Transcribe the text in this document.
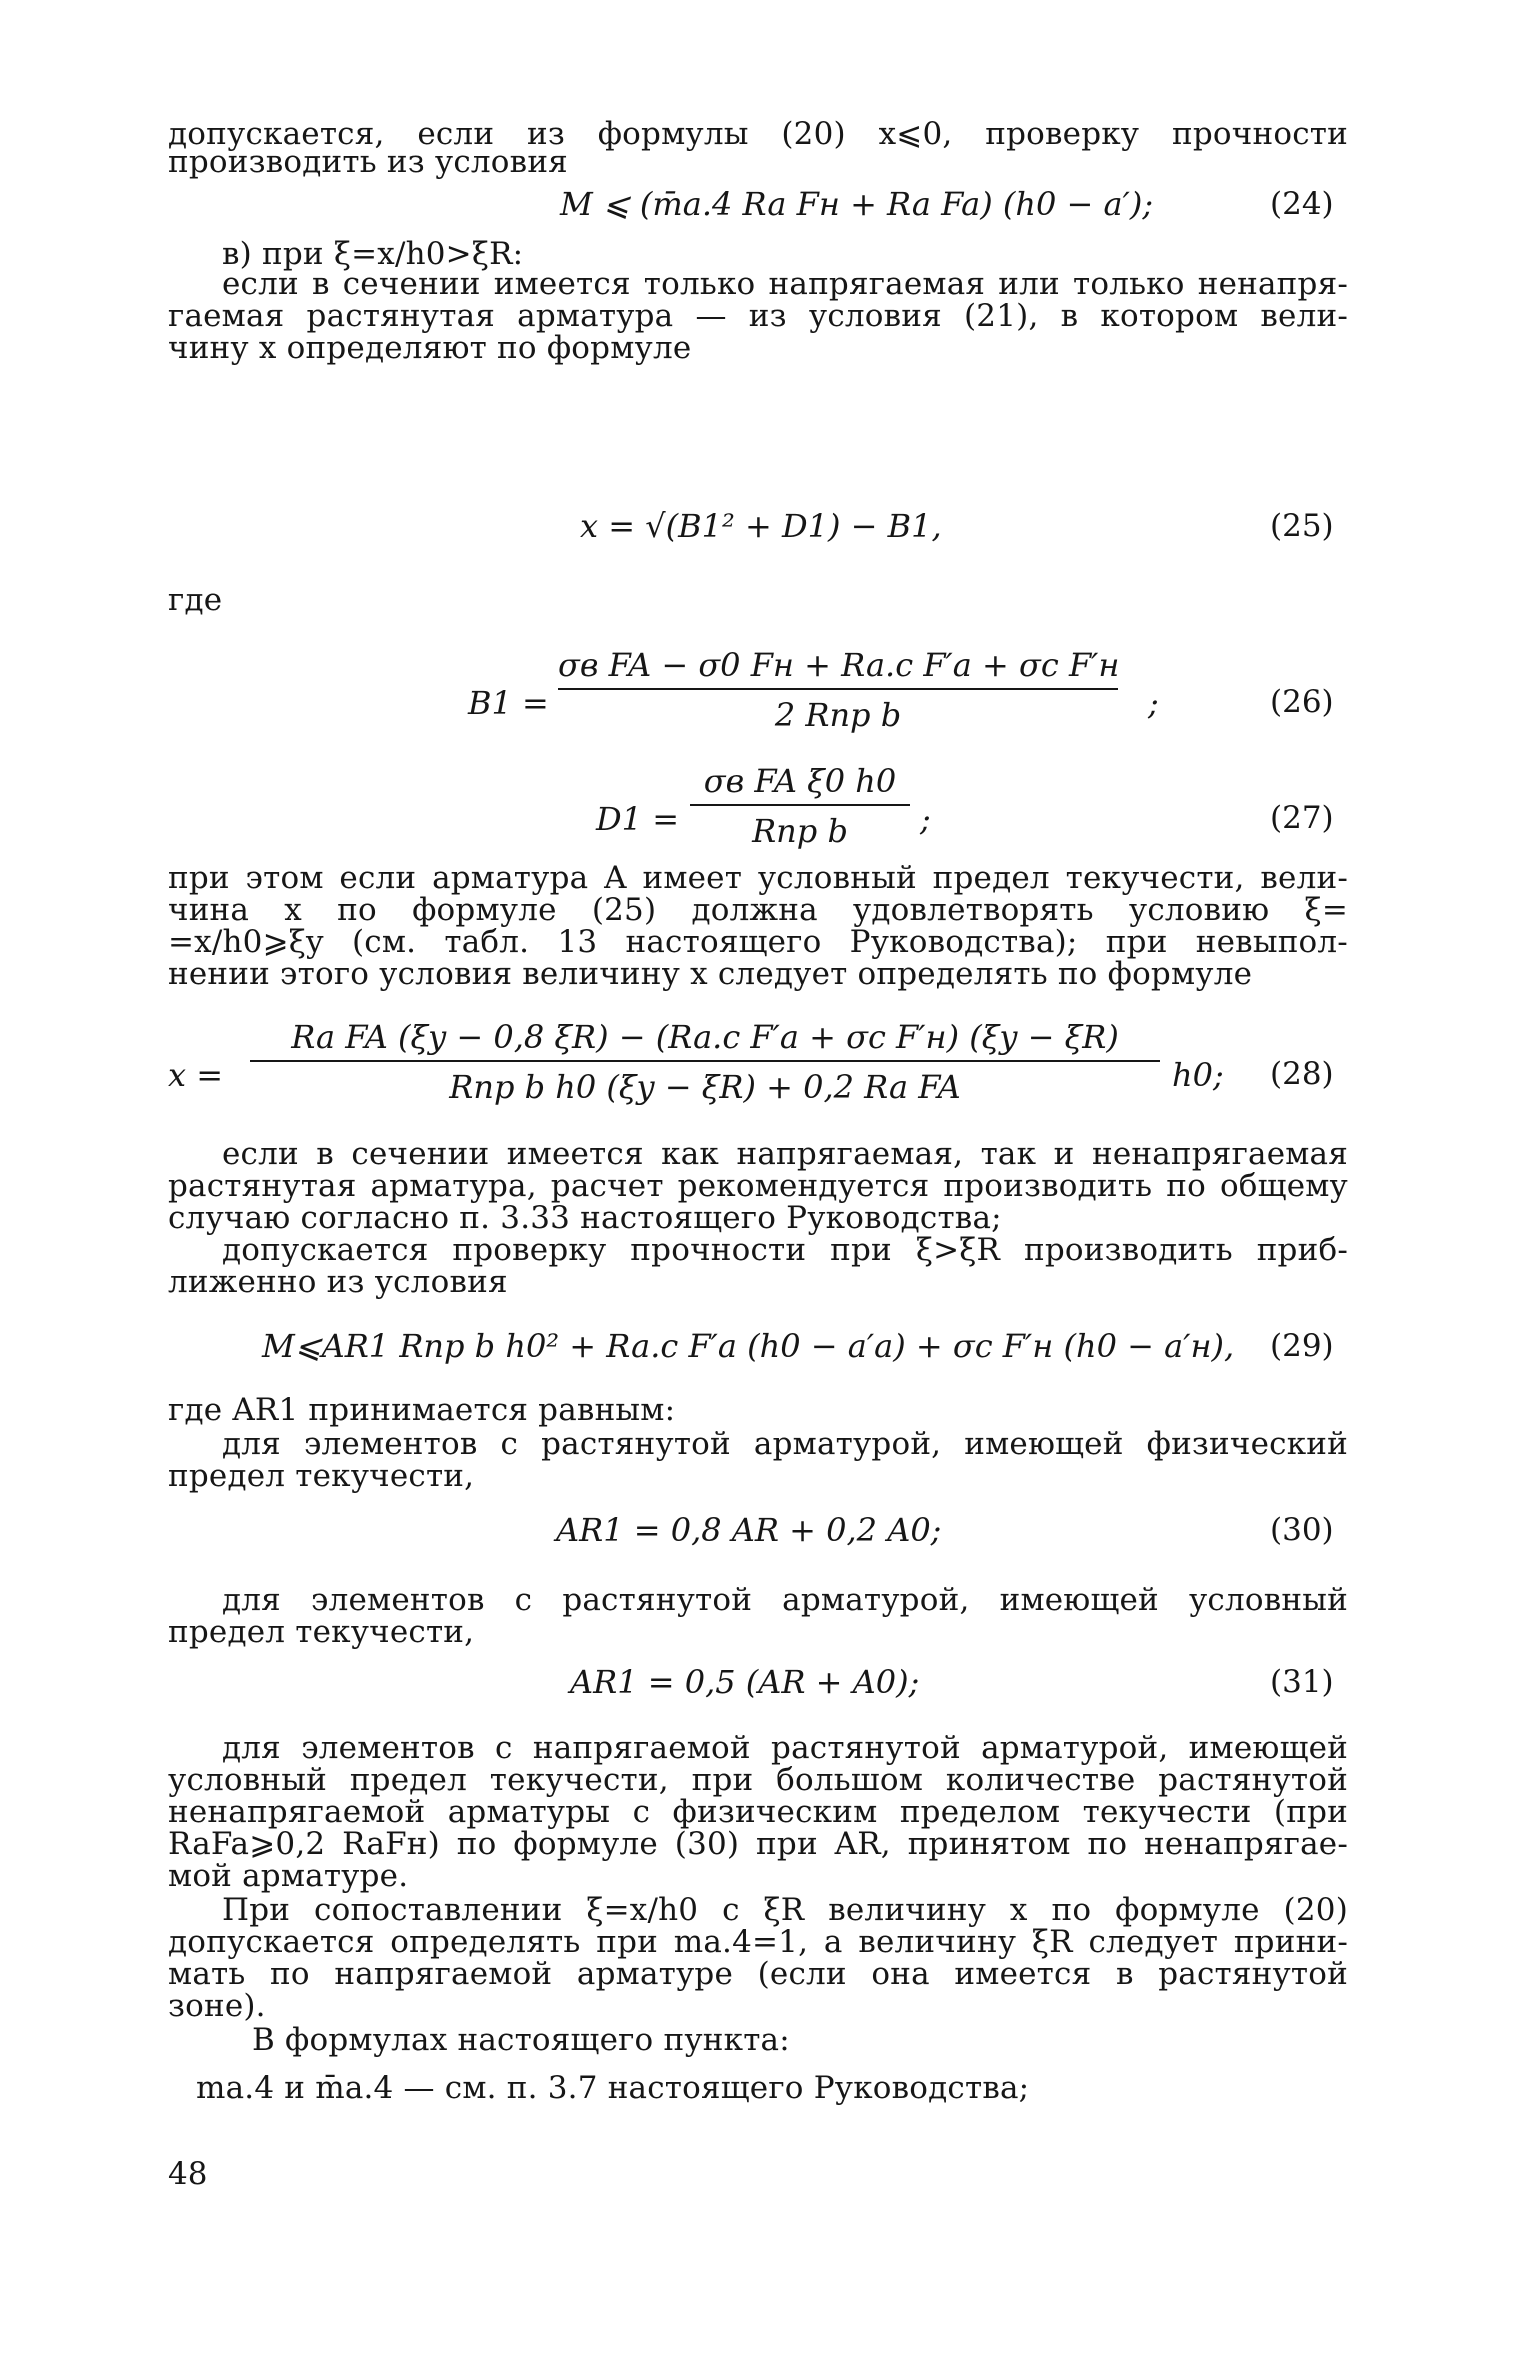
допускается, если из формулы (20) x⩽0, проверку прочности
производить из условия
M ⩽ (m̄a.4 Ra Fн + Ra Fa) (h0 − a′);	(24)
в) при ξ=x/h0>ξR:
если в сечении имеется только напрягаемая или только ненапря-
гаемая растянутая арматура — из условия (21), в котором вели-
чину x определяют по формуле
x = √(B1² + D1) − B1,	(25)
где
B1 =
σв FA − σ0 Fн + Ra.c F′a + σc F′н
2 Rпр b	;	(26)
D1 =
σв FA ξ0 h0
Rпр b	;	(27)
при этом если арматура A имеет условный предел текучести, вели-
чина x по формуле (25) должна удовлетворять условию ξ=
=x/h0⩾ξy (см. табл. 13 настоящего Руководства); при невыпол-
нении этого условия величину x следует определять по формуле
x =
Ra FA (ξy − 0,8 ξR) − (Ra.c F′a + σc F′н) (ξy − ξR)
Rпр b h0 (ξy − ξR) + 0,2 Ra FA	h0; (28)
если в сечении имеется как напрягаемая, так и ненапрягаемая
растянутая арматура, расчет рекомендуется производить по общему
случаю согласно п. 3.33 настоящего Руководства;
допускается проверку прочности при ξ>ξR производить приб-
лиженно из условия
M⩽AR1 Rпр b h0² + Ra.c F′a (h0 − a′a) + σc F′н (h0 − a′н), (29)
где AR1 принимается равным:
для элементов с растянутой арматурой, имеющей физический
предел текучести,
AR1 = 0,8 AR + 0,2 A0;	(30)
для элементов с растянутой арматурой, имеющей условный
предел текучести,
AR1 = 0,5 (AR + A0);	(31)
для элементов с напрягаемой растянутой арматурой, имеющей
условный предел текучести, при большом количестве растянутой
ненапрягаемой арматуры с физическим пределом текучести (при
RaFa⩾0,2 RaFн) по формуле (30) при AR, принятом по ненапрягае-
мой арматуре.
При сопоставлении ξ=x/h0 с ξR величину x по формуле (20)
допускается определять при ma.4=1, а величину ξR следует прини-
мать по напрягаемой арматуре (если она имеется в растянутой
зоне).
В формулах настоящего пункта:
ma.4 и m̄a.4 — см. п. 3.7 настоящего Руководства;
48
